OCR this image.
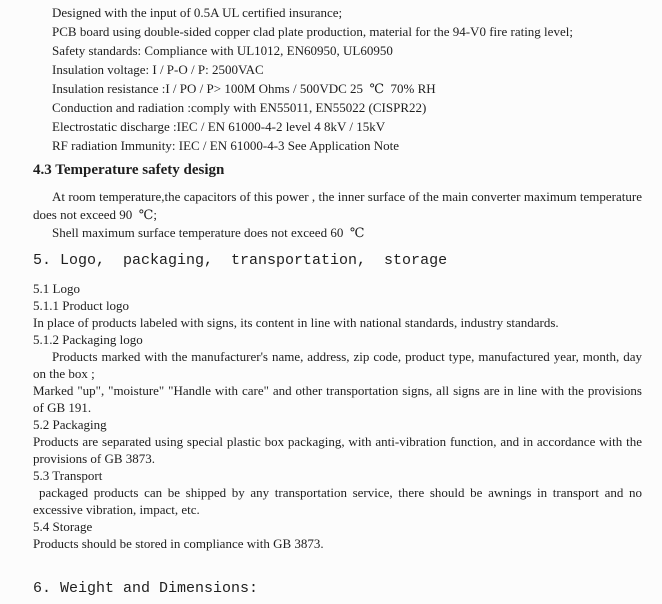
Designed with the input of 0.5A UL certified insurance;
PCB board using double-sided copper clad plate production, material for the 94-V0 fire rating level;
Safety standards: Compliance with UL1012, EN60950, UL60950
Insulation voltage: I / P-O / P: 2500VAC
Insulation resistance :I / PO / P> 100M Ohms / 500VDC 25  ℃  70% RH
Conduction and radiation :comply with EN55011, EN55022 (CISPR22)
Electrostatic discharge :IEC / EN 61000-4-2 level 4 8kV / 15kV
RF radiation Immunity: IEC / EN 61000-4-3 See Application Note
4.3 Temperature safety design

At room temperature,the capacitors of this power , the inner surface of the main converter maximum temperature does not exceed 90  ℃;

Shell maximum surface temperature does not exceed 60  ℃

5. Logo,  packaging,  transportation,  storage
5.1 Logo
5.1.1 Product logo
In place of products labeled with signs, its content in line with national standards, industry standards.
5.1.2 Packaging logo

Products marked with the manufacturer's name, address, zip code, product type, manufactured year, month, day on the box ;

Marked "up", "moisture" "Handle with care" and other transportation signs, all signs are in line with the provisions of GB 191.

5.2 Packaging

Products are separated using special plastic box packaging, with anti-vibration function, and in accordance with the provisions of GB 3873.

5.3 Transport

packaged products can be shipped by any transportation service, there should be awnings in transport and no excessive vibration, impact, etc.

5.4 Storage
Products should be stored in compliance with GB 3873.
6. Weight and Dimensions:
